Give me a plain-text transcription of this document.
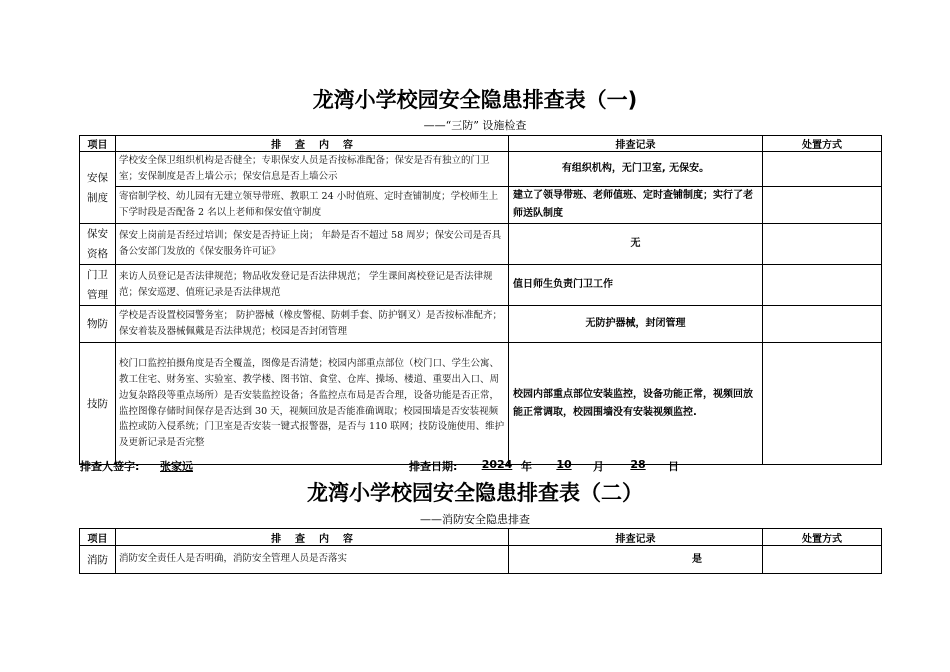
龙湾小学校园安全隐患排查表（一)
——“三防” 设施检查
项目	排    查    内    容	排查记录	处置方式
安保
制度	学校安全保卫组织机构是否健全；专职保安人员是否按标准配备；保安是否有独立的门卫室；安保制度是否上墙公示；保安信息是否上墙公示	有组织机构，无门卫室, 无保安。	
	寄宿制学校、幼儿园有无建立领导带班、教职工 24 小时值班、定时查铺制度；学校师生上下学时段是否配备 2 名以上老师和保安值守制度	建立了领导带班、老师值班、定时查铺制度；实行了老师送队制度	
保安
资格	保安上岗前是否经过培训；保安是否持证上岗； 年龄是否不超过 58 周岁；保安公司是否具备公安部门发放的《保安服务许可证》	无	
门卫
管理	来访人员登记是否法律规范；物品收发登记是否法律规范； 学生课间离校登记是否法律规范；保安巡逻、值班记录是否法律规范	值日师生负责门卫工作	
物防	学校是否设置校园警务室； 防护器械（橡皮警棍、防刺手套、防护钢叉）是否按标准配齐；保安着装及器械佩戴是否法律规范；校园是否封闭管理	无防护器械，封闭管理	
技防	校门口监控拍摄角度是否全覆盖，图像是否清楚；校园内部重点部位（校门口、学生公寓、教工住宅、财务室、实验室、教学楼、图书馆、食堂、仓库、操场、楼道、重要出入口、周边复杂路段等重点场所）是否安装监控设备；各监控点布局是否合理，设备功能是否正常，监控图像存储时间保存是否达到 30 天，视频回放是否能准确调取；校园围墙是否安装视频监控或防入侵系统；门卫室是否安装一键式报警器，是否与 110 联网；技防设施使用、维护及更新记录是否完整	校园内部重点部位安装监控，设备功能正常，视频回放能正常调取，校园围墙没有安装视频监控.	
排查人签字: 张家远	排查日期:	2024 年	10	月	28	日
龙湾小学校园安全隐患排查表（二）
——消防安全隐患排查
项目	排    查    内    容	排查记录	处置方式
消防	消防安全责任人是否明确，消防安全管理人员是否落实	是	
